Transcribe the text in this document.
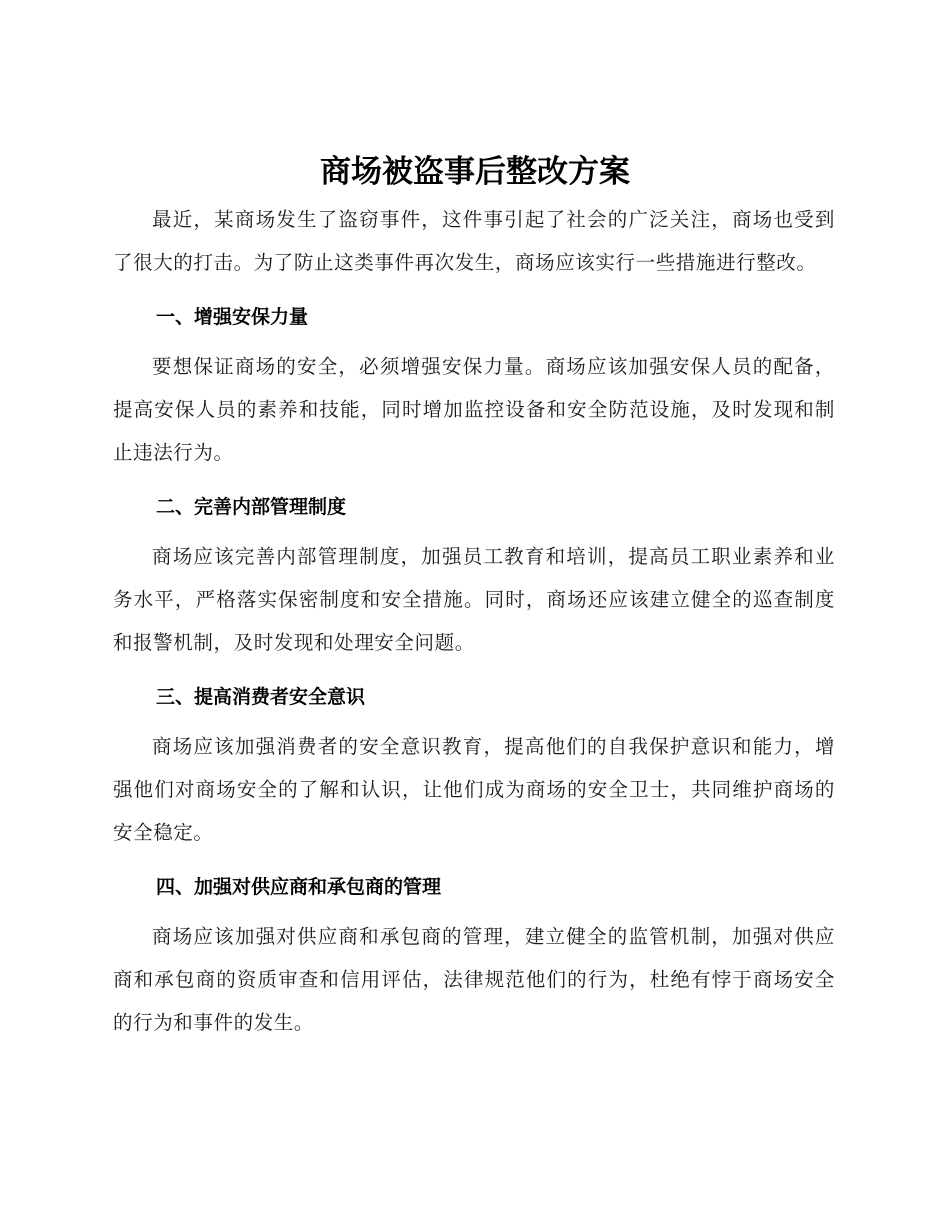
商场被盗事后整改方案

最近，某商场发生了盗窃事件，这件事引起了社会的广泛关注，商场也受到了很大的打击。为了防止这类事件再次发生，商场应该实行一些措施进行整改。

一、增强安保力量

要想保证商场的安全，必须增强安保力量。商场应该加强安保人员的配备，提高安保人员的素养和技能，同时增加监控设备和安全防范设施，及时发现和制止违法行为。

二、完善内部管理制度

商场应该完善内部管理制度，加强员工教育和培训，提高员工职业素养和业务水平，严格落实保密制度和安全措施。同时，商场还应该建立健全的巡查制度和报警机制，及时发现和处理安全问题。

三、提高消费者安全意识

商场应该加强消费者的安全意识教育，提高他们的自我保护意识和能力，增强他们对商场安全的了解和认识，让他们成为商场的安全卫士，共同维护商场的安全稳定。

四、加强对供应商和承包商的管理

商场应该加强对供应商和承包商的管理，建立健全的监管机制，加强对供应商和承包商的资质审查和信用评估，法律规范他们的行为，杜绝有悖于商场安全的行为和事件的发生。
